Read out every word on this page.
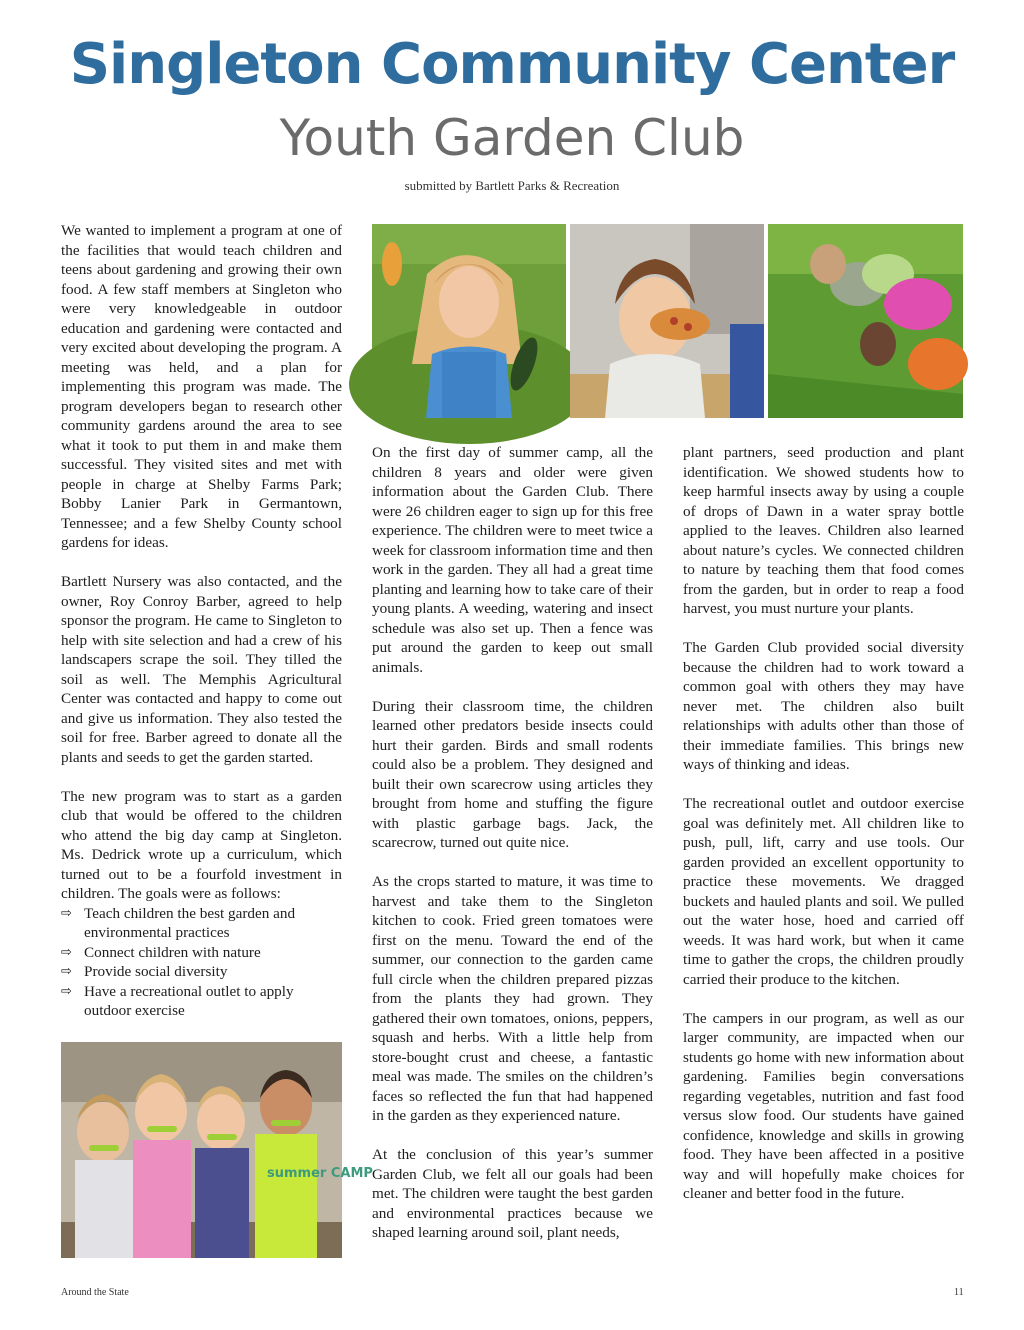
Singleton Community Center
Youth Garden Club
submitted by Bartlett Parks & Recreation

We wanted to implement a program at one of the facilities that would teach children and teens about gardening and growing their own food. A few staff members at Singleton who were very knowledgeable in outdoor education and gardening were contacted and very excited about developing the program. A meeting was held, and a plan for implementing this program was made. The program developers began to research other community gardens around the area to see what it took to put them in and make them successful. They visited sites and met with people in charge at Shelby Farms Park; Bobby Lanier Park in Germantown, Tennessee; and a few Shelby County school gardens for ideas.

Bartlett Nursery was also contacted, and the owner, Roy Conroy Barber, agreed to help sponsor the program. He came to Singleton to help with site selection and had a crew of his landscapers scrape the soil. They tilled the soil as well. The Memphis Agricultural Center was contacted and happy to come out and give us information. They also tested the soil for free. Barber agreed to donate all the plants and seeds to get the garden started.

The new program was to start as a garden club that would be offered to the children who attend the big day camp at Singleton. Ms. Dedrick wrote up a curriculum, which turned out to be a fourfold investment in children. The goals were as follows:

⇨ Teach children the best garden and environmental practices
⇨ Connect children with nature
⇨ Provide social diversity
⇨ Have a recreational outlet to apply outdoor exercise

On the first day of summer camp, all the children 8 years and older were given information about the Garden Club. There were 26 children eager to sign up for this free experience. The children were to meet twice a week for classroom information time and then work in the garden. They all had a great time planting and learning how to take care of their young plants. A weeding, watering and insect schedule was also set up. Then a fence was put around the garden to keep out small animals.

During their classroom time, the children learned other predators beside insects could hurt their garden. Birds and small rodents could also be a problem. They designed and built their own scarecrow using articles they brought from home and stuffing the figure with plastic garbage bags. Jack, the scarecrow, turned out quite nice.

As the crops started to mature, it was time to harvest and take them to the Singleton kitchen to cook. Fried green tomatoes were first on the menu. Toward the end of the summer, our connection to the garden came full circle when the children prepared pizzas from the plants they had grown. They gathered their own tomatoes, onions, peppers, squash and herbs. With a little help from store-bought crust and cheese, a fantastic meal was made. The smiles on the children’s faces so reflected the fun that had happened in the garden as they experienced nature.

At the conclusion of this year’s summer Garden Club, we felt all our goals had been met. The children were taught the best garden and environmental practices because we shaped learning around soil, plant needs,

plant partners, seed production and plant identification. We showed students how to keep harmful insects away by using a couple of drops of Dawn in a water spray bottle applied to the leaves. Children also learned about nature’s cycles. We connected children to nature by teaching them that food comes from the garden, but in order to reap a food harvest, you must nurture your plants.

The Garden Club provided social diversity because the children had to work toward a common goal with others they may have never met. The children also built relationships with adults other than those of their immediate families. This brings new ways of thinking and ideas.

The recreational outlet and outdoor exercise goal was definitely met. All children like to push, pull, lift, carry and use tools. Our garden provided an excellent opportunity to practice these movements. We dragged buckets and hauled plants and soil. We pulled out the water hose, hoed and carried off weeds. It was hard work, but when it came time to gather the crops, the children proudly carried their produce to the kitchen.

The campers in our program, as well as our larger community, are impacted when our students go home with new information about gardening. Families begin conversations regarding vegetables, nutrition and fast food versus slow food. Our students have gained confidence, knowledge and skills in growing food. They have been affected in a positive way and will hopefully make choices for cleaner and better food in the future.

summer CAMP
Around the State	11
